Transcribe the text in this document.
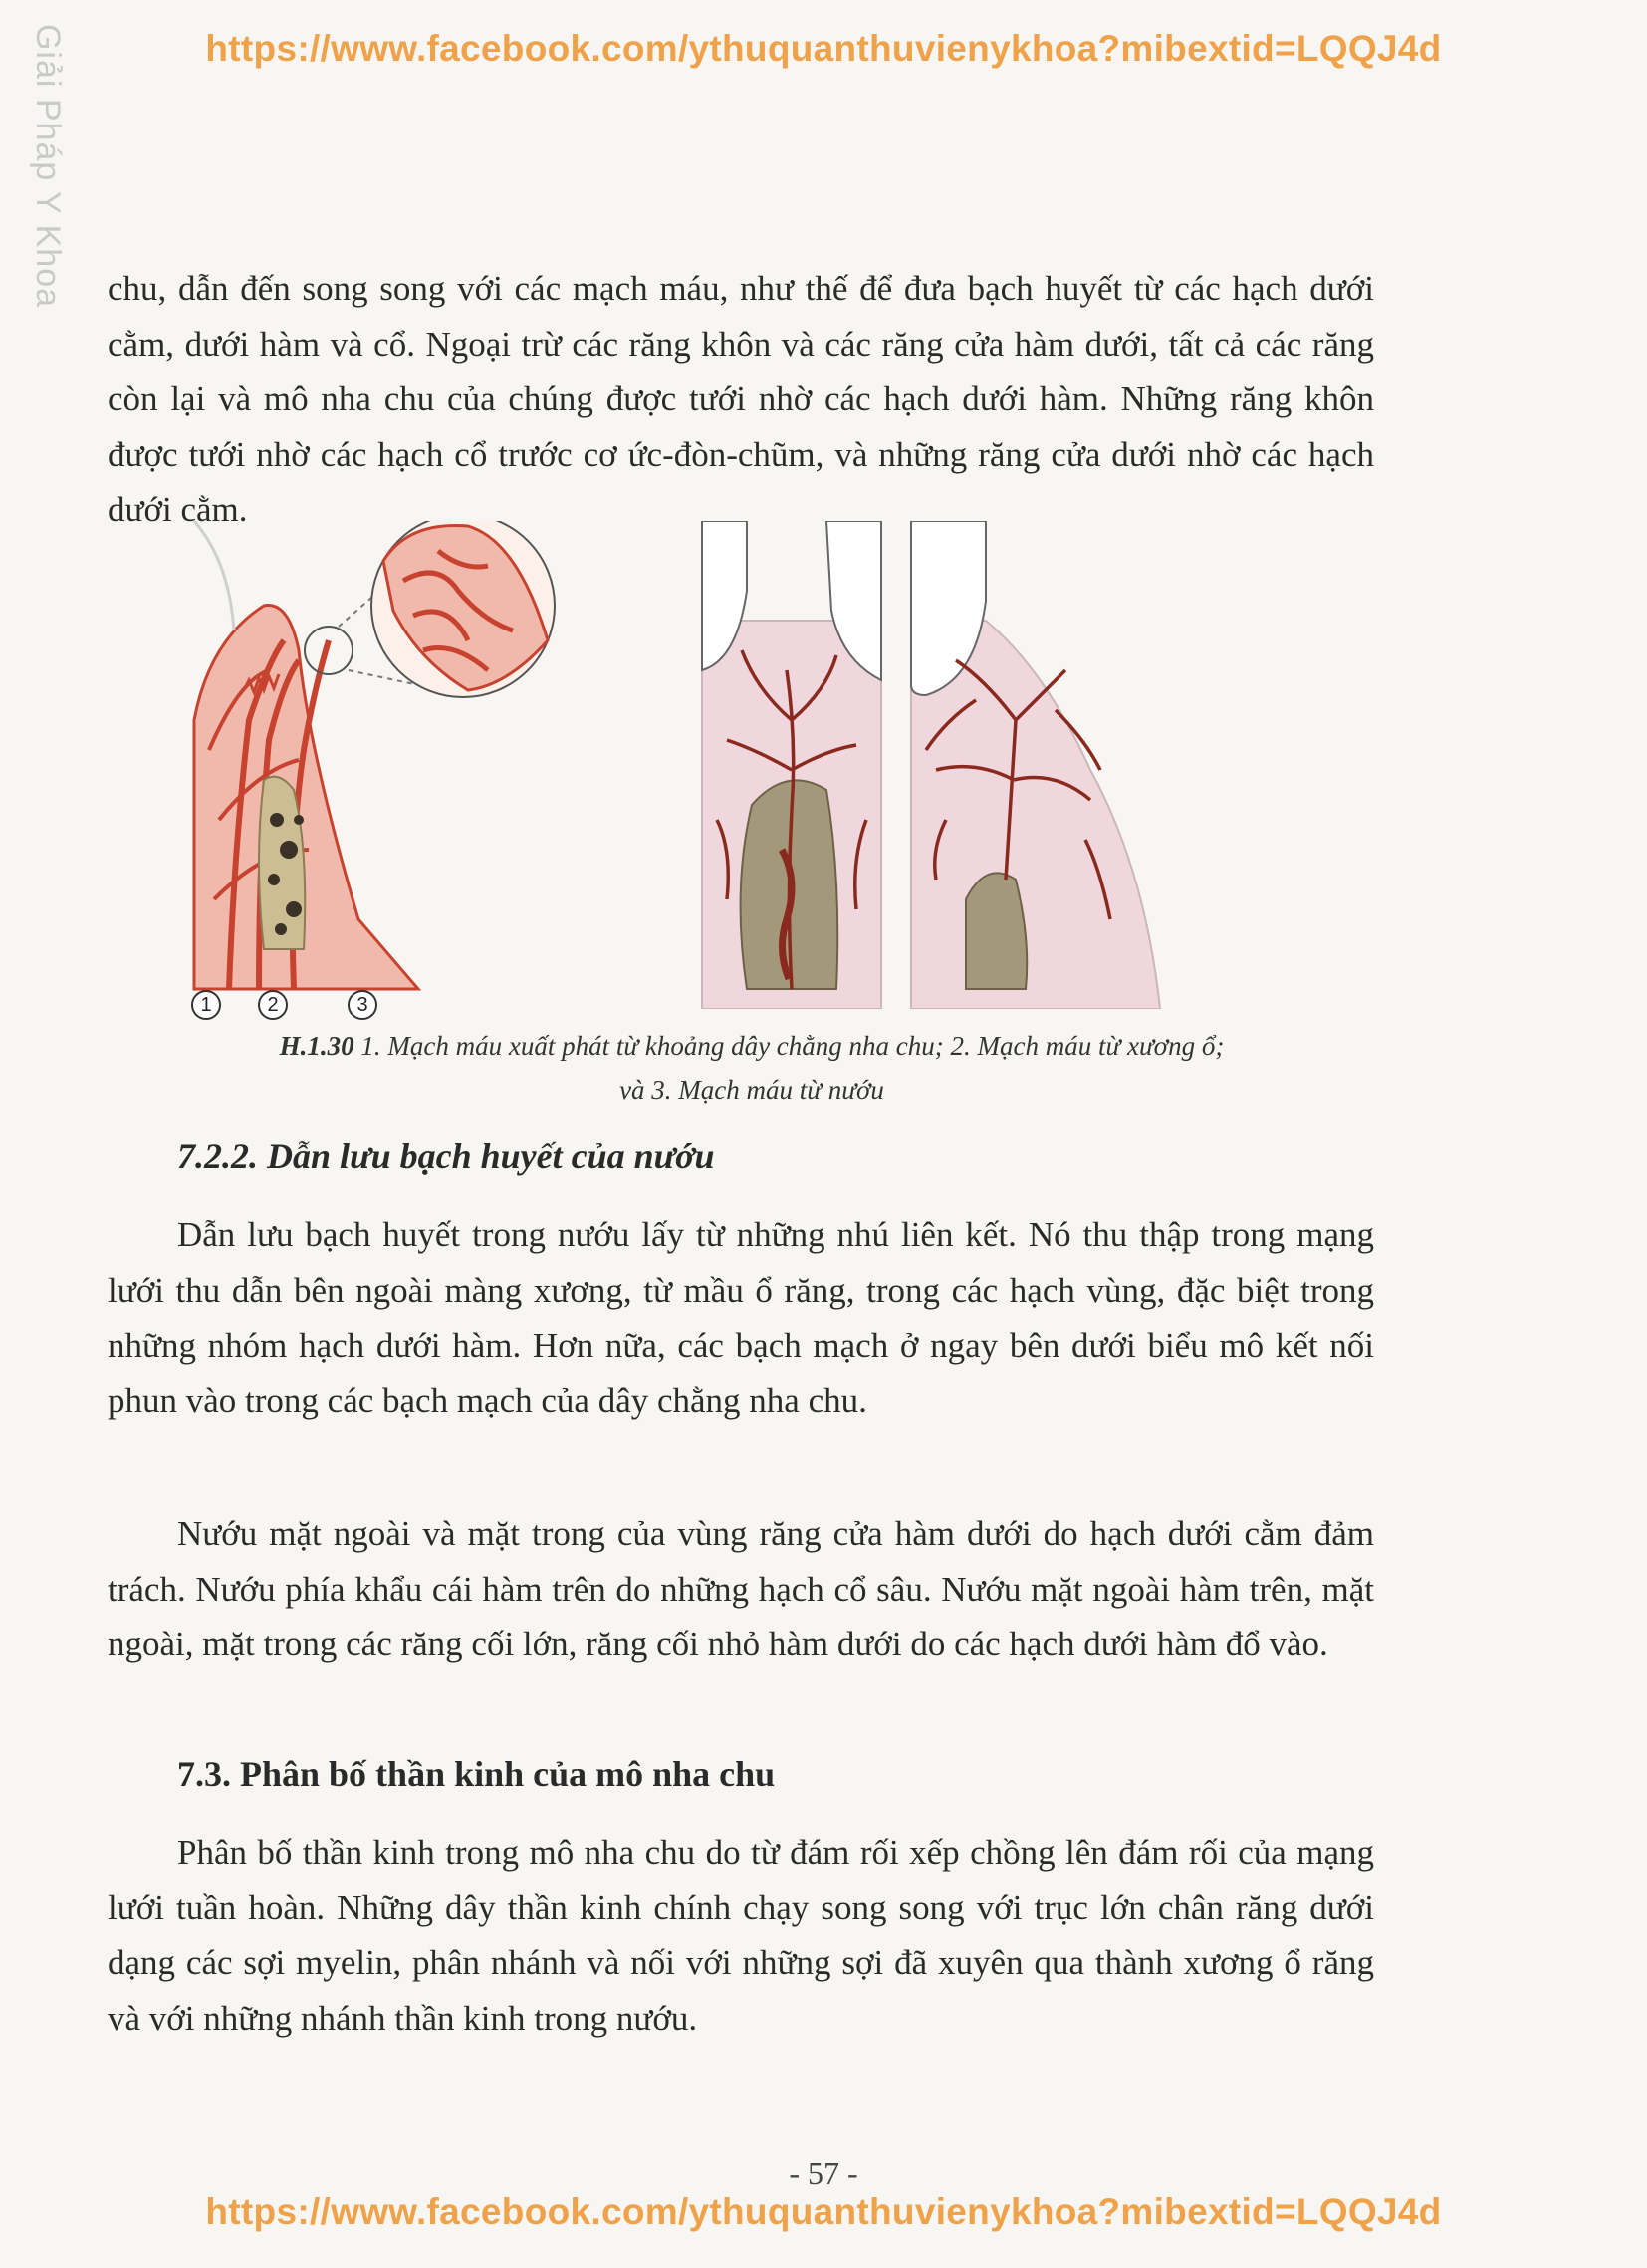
https://www.facebook.com/ythuquanthuvienykhoa?mibextid=LQQJ4d
Giải Pháp Y Khoa chu, dẫn đến song song với các mạch máu, như thế để đưa bạch huyết từ các hạch dưới cằm, dưới hàm và cổ. Ngoại trừ các răng khôn và các răng cửa hàm dưới, tất cả các răng còn lại và mô nha chu của chúng được tưới nhờ các hạch dưới hàm. Những răng khôn được tưới nhờ các hạch cổ trước cơ ức-đòn-chũm, và những răng cửa dưới nhờ các hạch dưới cằm.

1	2	3
H.1.30 1. Mạch máu xuất phát từ khoảng dây chằng nha chu; 2. Mạch máu từ xương ổ;
và 3. Mạch máu từ nướu
7.2.2. Dẫn lưu bạch huyết của nướu

Dẫn lưu bạch huyết trong nướu lấy từ những nhú liên kết. Nó thu thập trong mạng lưới thu dẫn bên ngoài màng xương, từ mầu ổ răng, trong các hạch vùng, đặc biệt trong những nhóm hạch dưới hàm. Hơn nữa, các bạch mạch ở ngay bên dưới biểu mô kết nối phun vào trong các bạch mạch của dây chằng nha chu.

Nướu mặt ngoài và mặt trong của vùng răng cửa hàm dưới do hạch dưới cằm đảm trách. Nướu phía khẩu cái hàm trên do những hạch cổ sâu. Nướu mặt ngoài hàm trên, mặt ngoài, mặt trong các răng cối lớn, răng cối nhỏ hàm dưới do các hạch dưới hàm đổ vào.

7.3. Phân bố thần kinh của mô nha chu

Phân bố thần kinh trong mô nha chu do từ đám rối xếp chồng lên đám rối của mạng lưới tuần hoàn. Những dây thần kinh chính chạy song song với trục lớn chân răng dưới dạng các sợi myelin, phân nhánh và nối với những sợi đã xuyên qua thành xương ổ răng và với những nhánh thần kinh trong nướu.

- 57 -
https://www.facebook.com/ythuquanthuvienykhoa?mibextid=LQQJ4d
